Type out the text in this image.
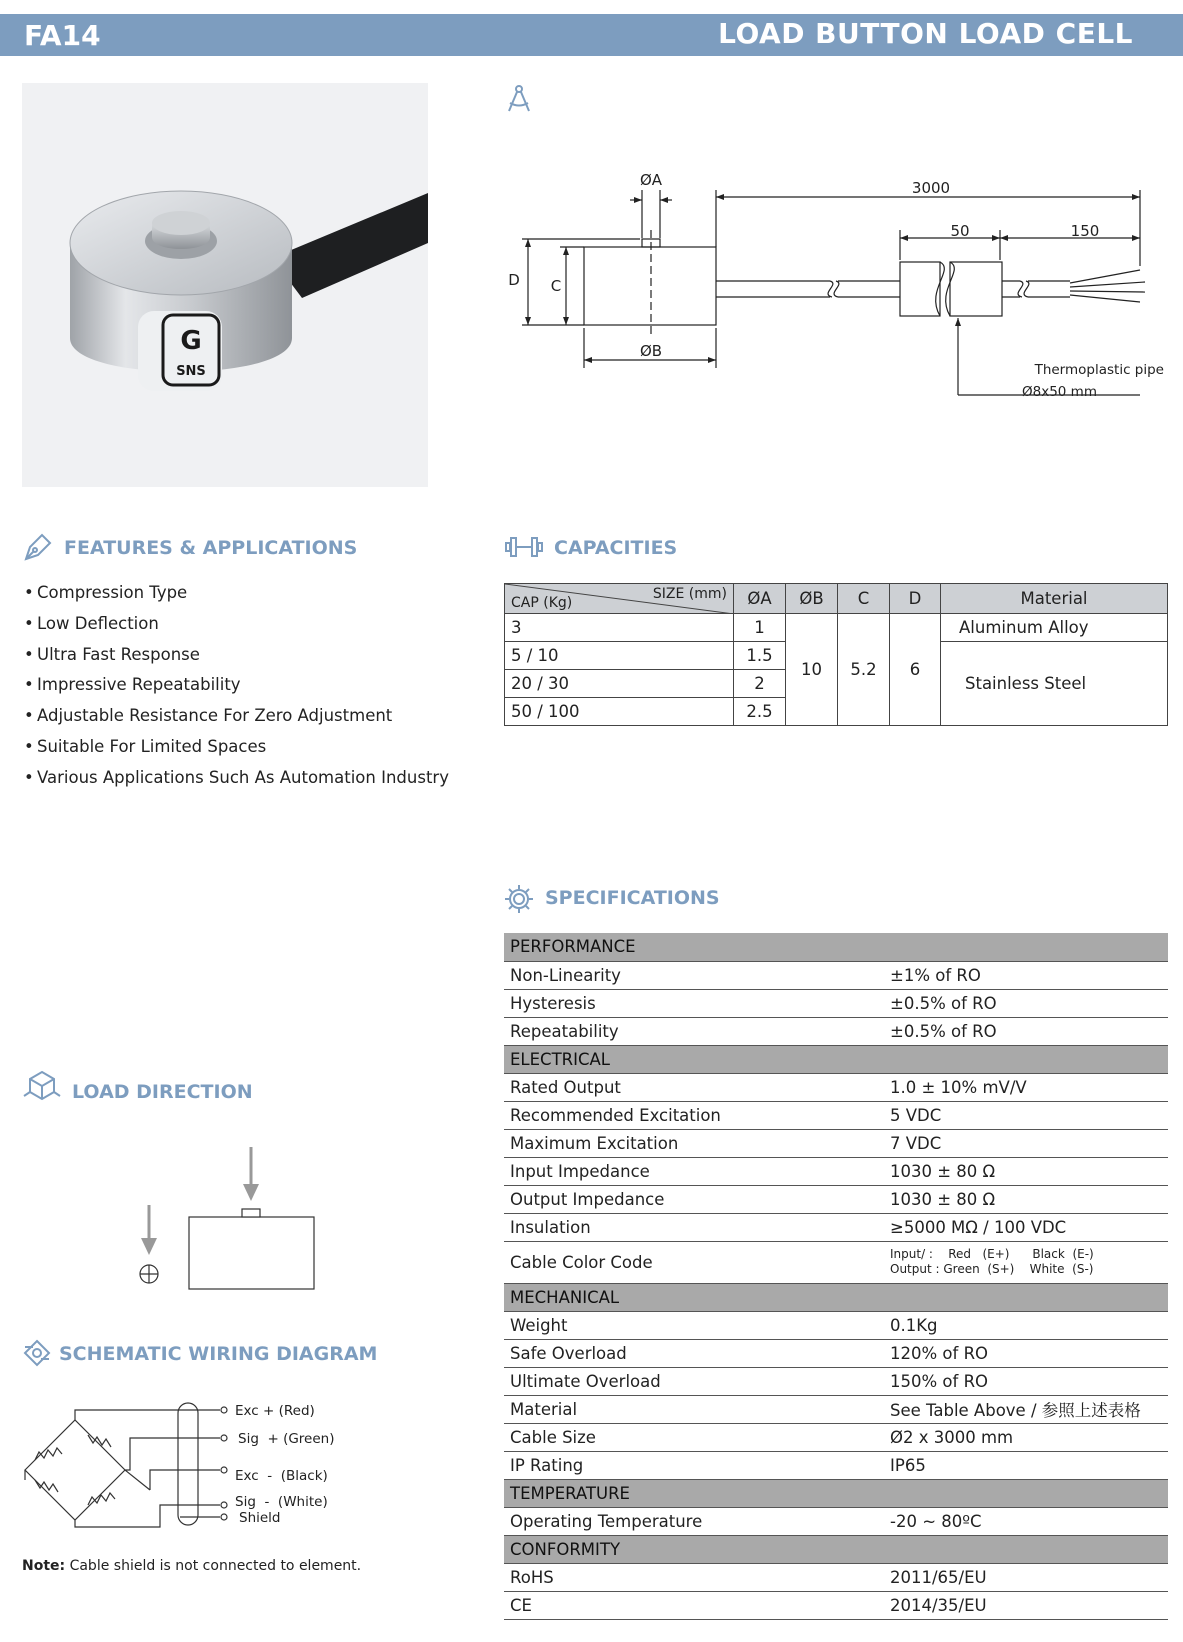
FA14	LOAD BUTTON LOAD CELL
G
SNS
ØA
ØB
C
D
3000
50	150
Thermoplastic pipe
Ø8x50 mm
FEATURES & APPLICATIONS
• Compression Type
• Low Deflection
• Ultra Fast Response
• Impressive Repeatability
• Adjustable Resistance For Zero Adjustment
• Suitable For Limited Spaces
• Various Applications Such As Automation Industry
CAPACITIES
SIZE (mm)
CAP (Kg)	ØA	ØB	C	D	Material
3	1	10	5.2	6	Aluminum Alloy
5 / 10	1.5				Stainless Steel
20 / 30	2				
50 / 100	2.5				
SPECIFICATIONS
PERFORMANCE	
Non-Linearity	±1% of RO
Hysteresis	±0.5% of RO
Repeatability	±0.5% of RO
ELECTRICAL	
Rated Output	1.0 ± 10% mV/V
Recommended Excitation	5 VDC
Maximum Excitation	7 VDC
Input Impedance	1030 ± 80 Ω
Output Impedance	1030 ± 80 Ω
Insulation	≥5000 MΩ / 100 VDC
Cable Color Code	Input/ :    Red   (E+)      Black  (E-)
Output : Green  (S+)    White  (S-)

MECHANICAL	
Weight	0.1Kg
Safe Overload	120% of RO
Ultimate Overload	150% of RO
Material	See Table Above / 参照上述表格
Cable Size	Ø2 x 3000 mm
IP Rating	IP65
TEMPERATURE	
Operating Temperature	-20 ~ 80ºC
CONFORMITY	
RoHS	2011/65/EU
CE	2014/35/EU
LOAD DIRECTION
SCHEMATIC WIRING DIAGRAM
Exc + (Red)
Sig  + (Green)
Exc  -  (Black)
Sig  -  (White)
Shield
Note: Cable shield is not connected to element.
